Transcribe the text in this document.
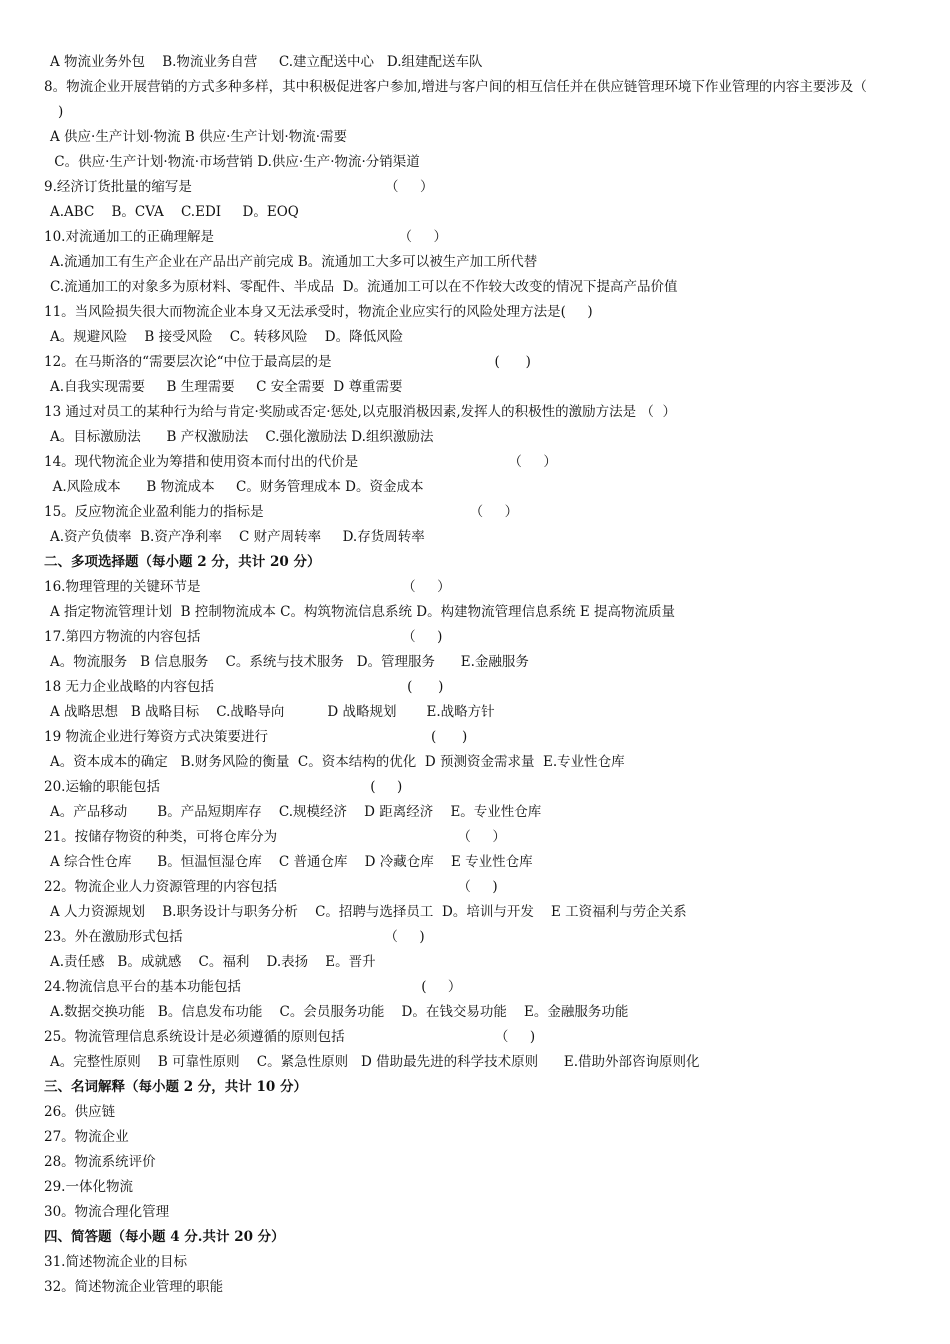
A 物流业务外包    B.物流业务自营     C.建立配送中心   D.组建配送车队
8。物流企业开展营销的方式多种多样，其中积极促进客户参加,增进与客户间的相互信任并在供应链管理环境下作业管理的内容主要涉及（
)
A 供应·生产计划·物流 B 供应·生产计划·物流·需要
C。供应·生产计划·物流·市场营销 D.供应·生产·物流·分销渠道
9.经济订货批量的缩写是                                             （     ）
A.ABC    B。CVA    C.EDI     D。EOQ
10.对流通加工的正确理解是                                           （     ）
A.流通加工有生产企业在产品出产前完成 B。流通加工大多可以被生产加工所代替
C.流通加工的对象多为原材料、零配件、半成品  D。流通加工可以在不作较大改变的情况下提高产品价值
11。当风险损失很大而物流企业本身又无法承受时，物流企业应实行的风险处理方法是(     )
A。规避风险    B 接受风险    C。转移风险    D。降低风险
12。在马斯洛的“需要层次论“中位于最高层的是                                      (      )
A.自我实现需要     B 生理需要     C 安全需要  D 尊重需要
13 通过对员工的某种行为给与肯定·奖励或否定·惩处,以克服消极因素,发挥人的积极性的激励方法是 （  ）
A。目标激励法      B 产权激励法    C.强化激励法 D.组织激励法
14。现代物流企业为筹措和使用资本而付出的代价是                                   （     ）
A.风险成本      B 物流成本     C。财务管理成本 D。资金成本
15。反应物流企业盈利能力的指标是                                                （     ）
A.资产负债率  B.资产净利率    C 财产周转率     D.存货周转率
二、多项选择题（每小题 2 分，共计 20 分）
16.物理管理的关键环节是                                               （     ）
A 指定物流管理计划  B 控制物流成本 C。构筑物流信息系统 D。构建物流管理信息系统 E 提高物流质量
17.第四方物流的内容包括                                               （     )
A。物流服务   B 信息服务    C。系统与技术服务   D。管理服务      E.金融服务
18 无力企业战略的内容包括                                             (      )
A 战略思想   B 战略目标    C.战略导向          D 战略规划       E.战略方针
19 物流企业进行筹资方式决策要进行                                      (      )
A。资本成本的确定   B.财务风险的衡量  C。资本结构的优化  D 预测资金需求量  E.专业性仓库
20.运输的职能包括                                                 (     )
A。产品移动       B。产品短期库存    C.规模经济    D 距离经济    E。专业性仓库
21。按储存物资的种类，可将仓库分为                                          （     ）
A 综合性仓库      B。恒温恒湿仓库    C 普通仓库    D 冷藏仓库    E 专业性仓库
22。物流企业人力资源管理的内容包括                                          （     )
A 人力资源规划    B.职务设计与职务分析    C。招聘与选择员工  D。培训与开发    E 工资福利与劳企关系
23。外在激励形式包括                                               （     )
A.责任感   B。成就感    C。福利    D.表扬    E。晋升
24.物流信息平台的基本功能包括                                          (     ）
A.数据交换功能   B。信息发布功能    C。会员服务功能    D。在钱交易功能    E。金融服务功能
25。物流管理信息系统设计是必须遵循的原则包括                                   （     )
A。完整性原则    B 可靠性原则    C。紧急性原则   D 借助最先进的科学技术原则      E.借助外部咨询原则化
三、名词解释（每小题 2 分，共计 10 分）
26。供应链
27。物流企业
28。物流系统评价
29.一体化物流
30。物流合理化管理
四、简答题（每小题 4 分.共计 20 分）
31.简述物流企业的目标
32。简述物流企业管理的职能
